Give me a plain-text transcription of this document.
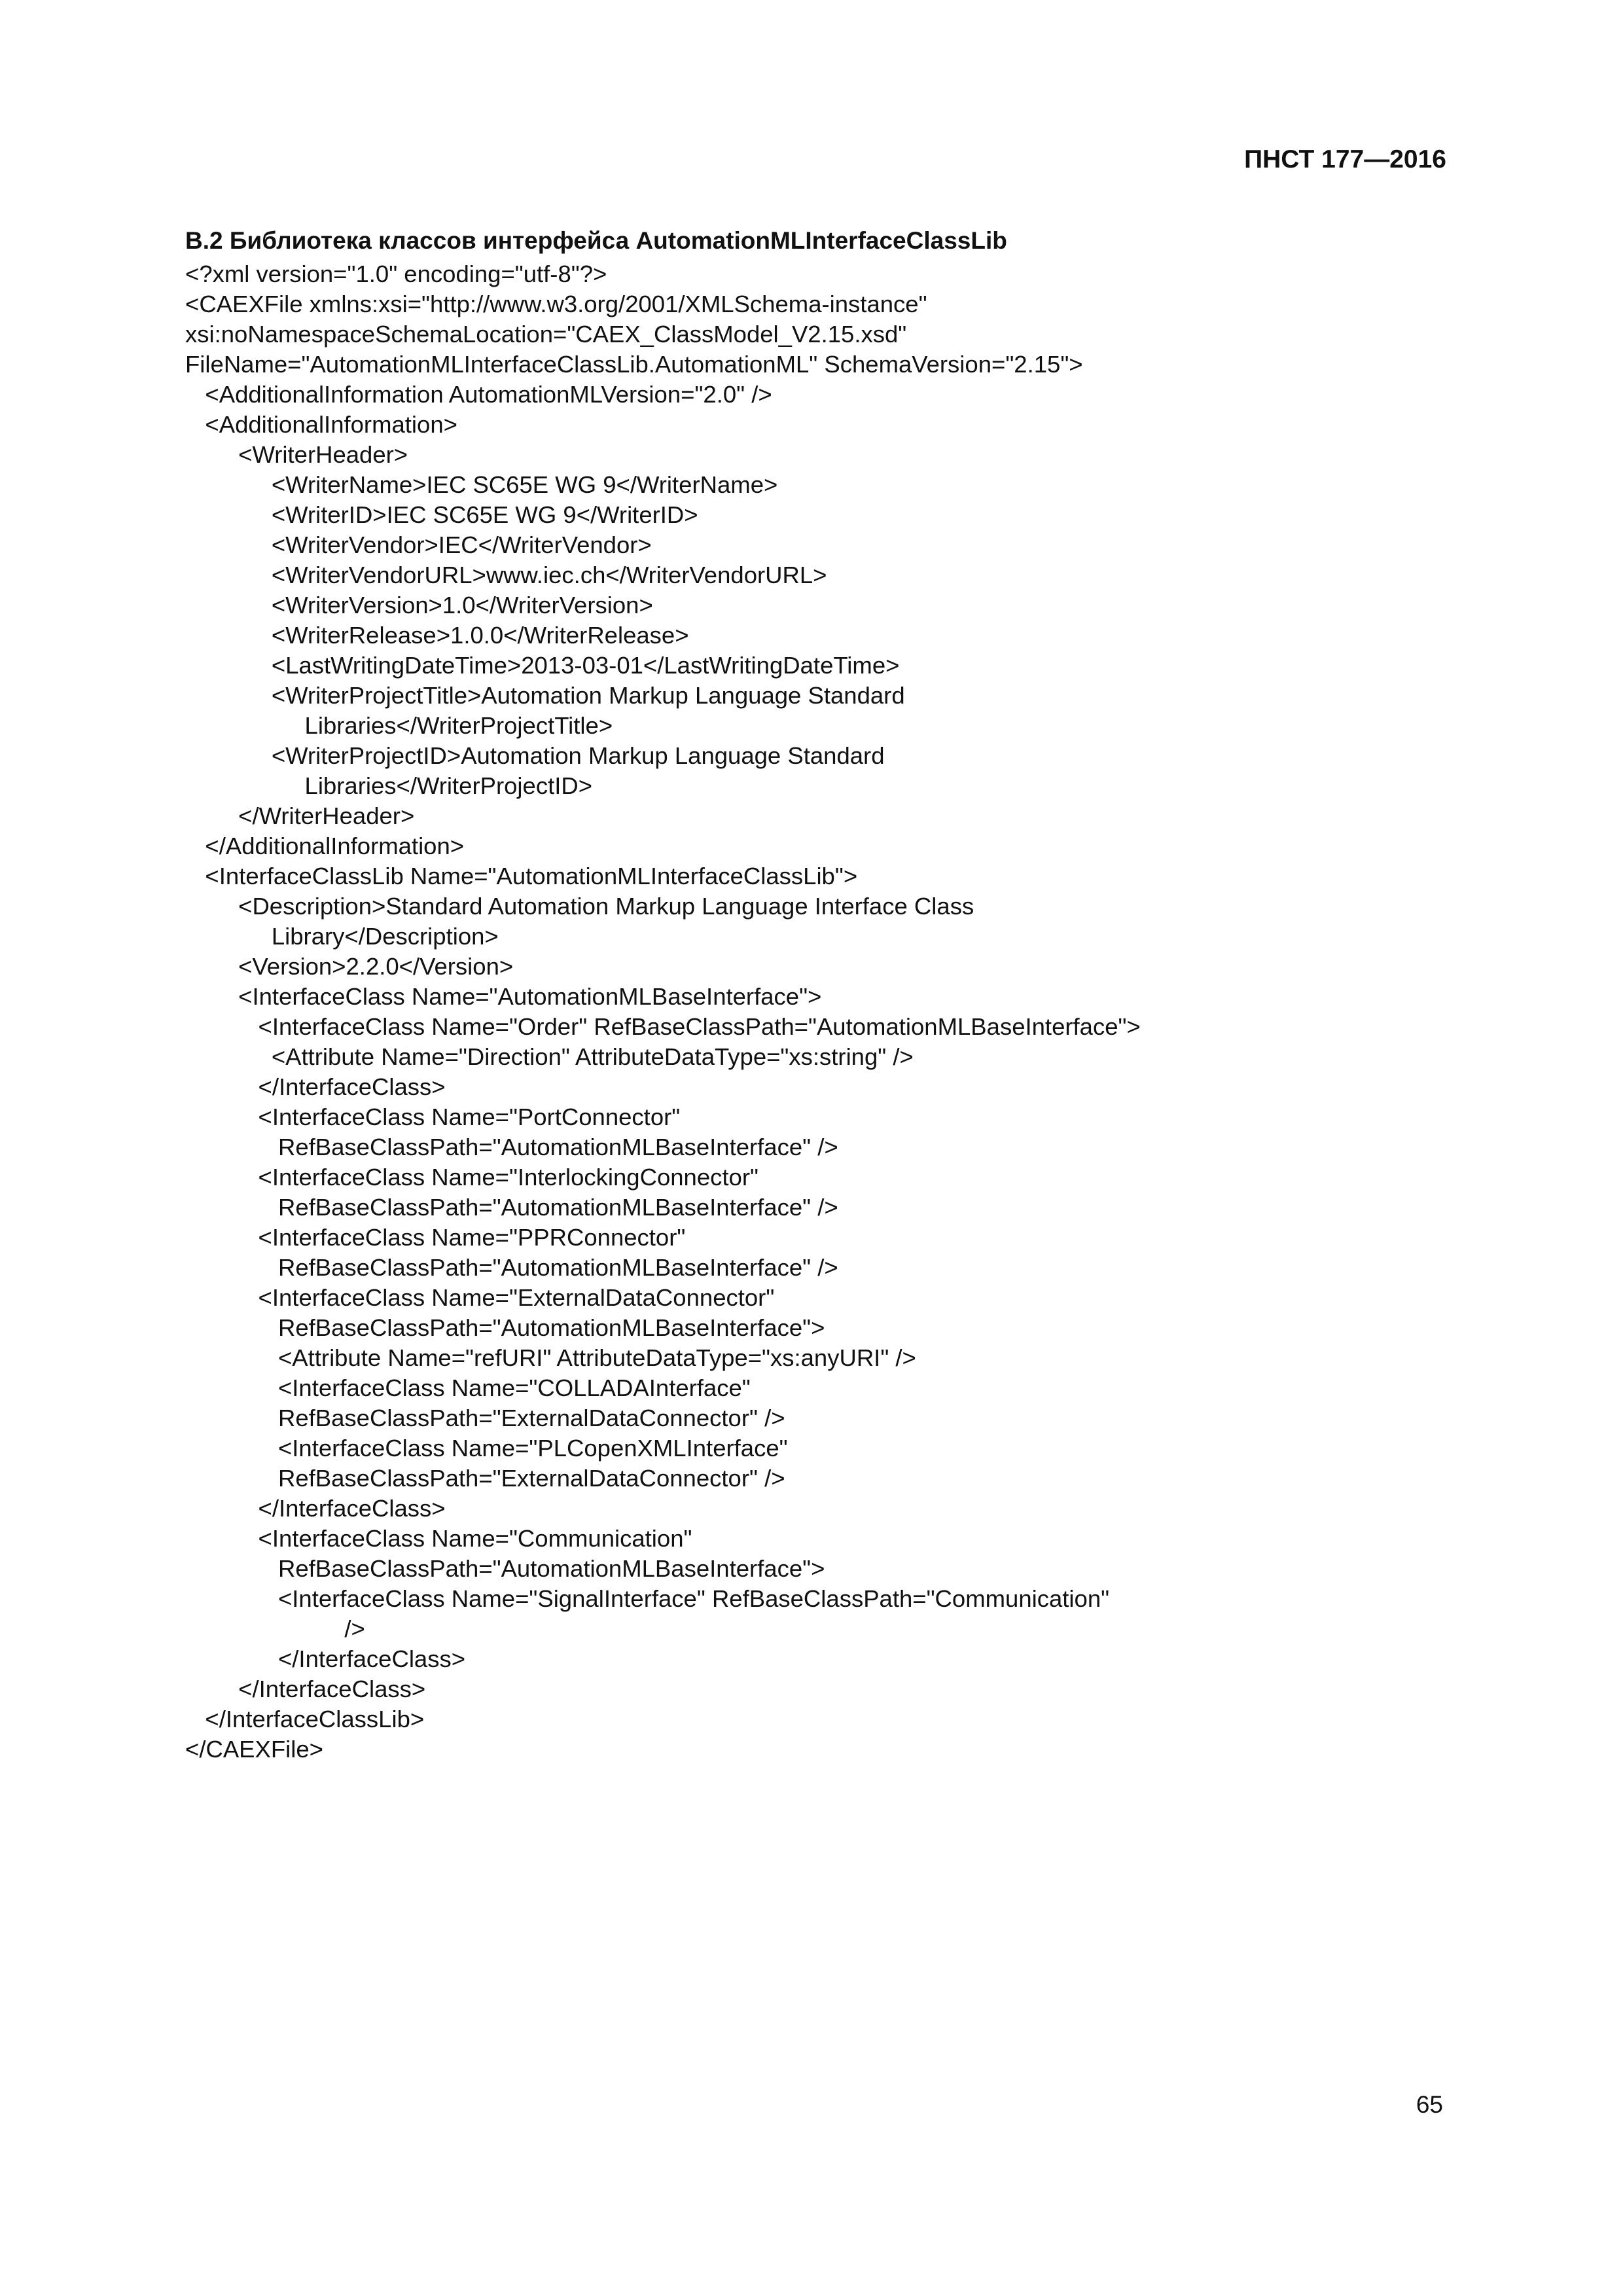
ПНСТ 177—2016
В.2 Библиотека классов интерфейса AutomationMLInterfaceClassLib
<?xml version="1.0" encoding="utf-8"?>
<CAEXFile xmlns:xsi="http://www.w3.org/2001/XMLSchema-instance"
xsi:noNamespaceSchemaLocation="CAEX_ClassModel_V2.15.xsd"
FileName="AutomationMLInterfaceClassLib.AutomationML" SchemaVersion="2.15">
<AdditionalInformation AutomationMLVersion="2.0" />
<AdditionalInformation>
<WriterHeader>
<WriterName>IEC SC65E WG 9</WriterName>
<WriterID>IEC SC65E WG 9</WriterID>
<WriterVendor>IEC</WriterVendor>
<WriterVendorURL>www.iec.ch</WriterVendorURL>
<WriterVersion>1.0</WriterVersion>
<WriterRelease>1.0.0</WriterRelease>
<LastWritingDateTime>2013-03-01</LastWritingDateTime>
<WriterProjectTitle>Automation Markup Language Standard
Libraries</WriterProjectTitle>
<WriterProjectID>Automation Markup Language Standard
Libraries</WriterProjectID>
</WriterHeader>
</AdditionalInformation>
<InterfaceClassLib Name="AutomationMLInterfaceClassLib">
<Description>Standard Automation Markup Language Interface Class
Library</Description>
<Version>2.2.0</Version>
<InterfaceClass Name="AutomationMLBaseInterface">
<InterfaceClass Name="Order" RefBaseClassPath="AutomationMLBaseInterface">
<Attribute Name="Direction" AttributeDataType="xs:string" />
</InterfaceClass>
<InterfaceClass Name="PortConnector"
RefBaseClassPath="AutomationMLBaseInterface" />
<InterfaceClass Name="InterlockingConnector"
RefBaseClassPath="AutomationMLBaseInterface" />
<InterfaceClass Name="PPRConnector"
RefBaseClassPath="AutomationMLBaseInterface" />
<InterfaceClass Name="ExternalDataConnector"
RefBaseClassPath="AutomationMLBaseInterface">
<Attribute Name="refURI" AttributeDataType="xs:anyURI" />
<InterfaceClass Name="COLLADAInterface"
RefBaseClassPath="ExternalDataConnector" />
<InterfaceClass Name="PLCopenXMLInterface"
RefBaseClassPath="ExternalDataConnector" />
</InterfaceClass>
<InterfaceClass Name="Communication"
RefBaseClassPath="AutomationMLBaseInterface">
<InterfaceClass Name="SignalInterface" RefBaseClassPath="Communication"
/>
</InterfaceClass>
</InterfaceClass>
</InterfaceClassLib>
</CAEXFile>
65
